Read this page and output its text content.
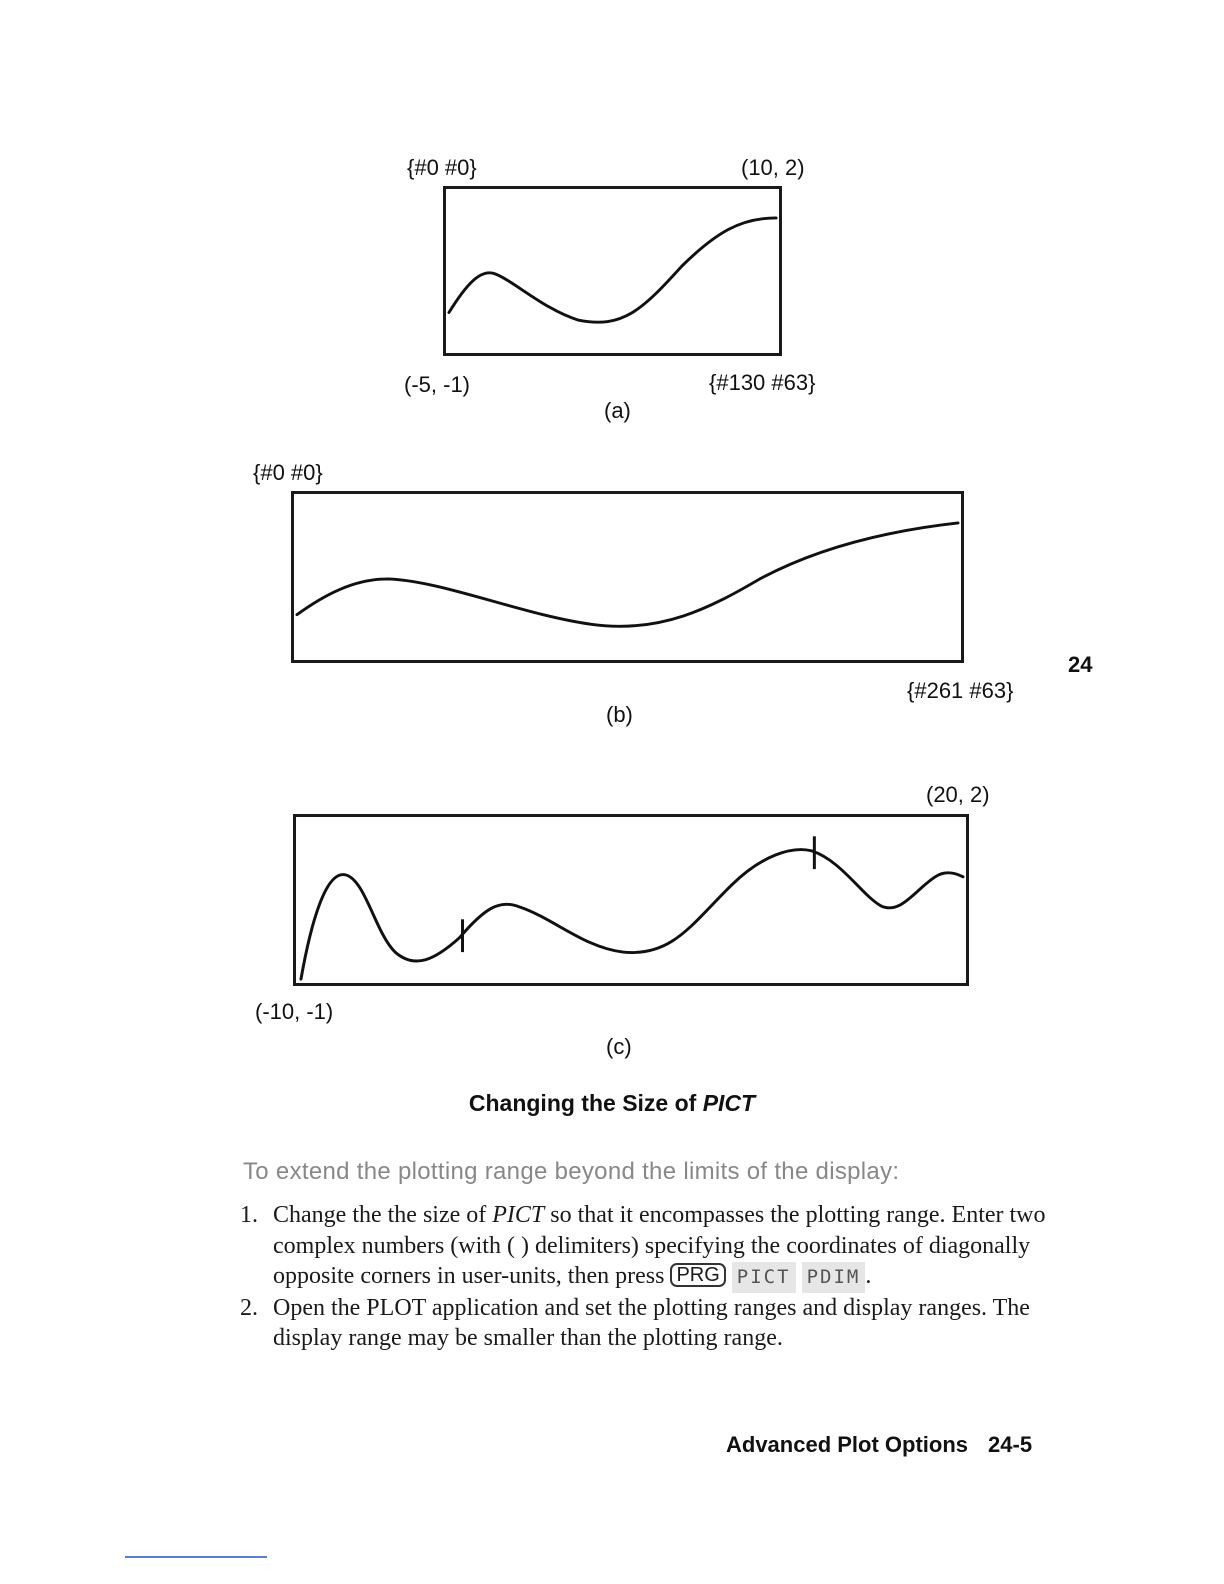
{#0 #0}	(10, 2)
(-5, -1)	{#130 #63}
(a)
{#0 #0}
{#261 #63}
(b)
24
(20, 2)
(-10, -1)
(c)
Changing the Size of PICT
To extend the plotting range beyond the limits of the display:
1. Change the the size of PICT so that it encompasses the plotting range. Enter two complex numbers (with ( ) delimiters) specifying the coordinates of diagonally opposite corners in user-units, then press PRG PICT PDIM .
2. Open the PLOT application and set the plotting ranges and display ranges. The display range may be smaller than the plotting range.
Advanced Plot Options 24-5
